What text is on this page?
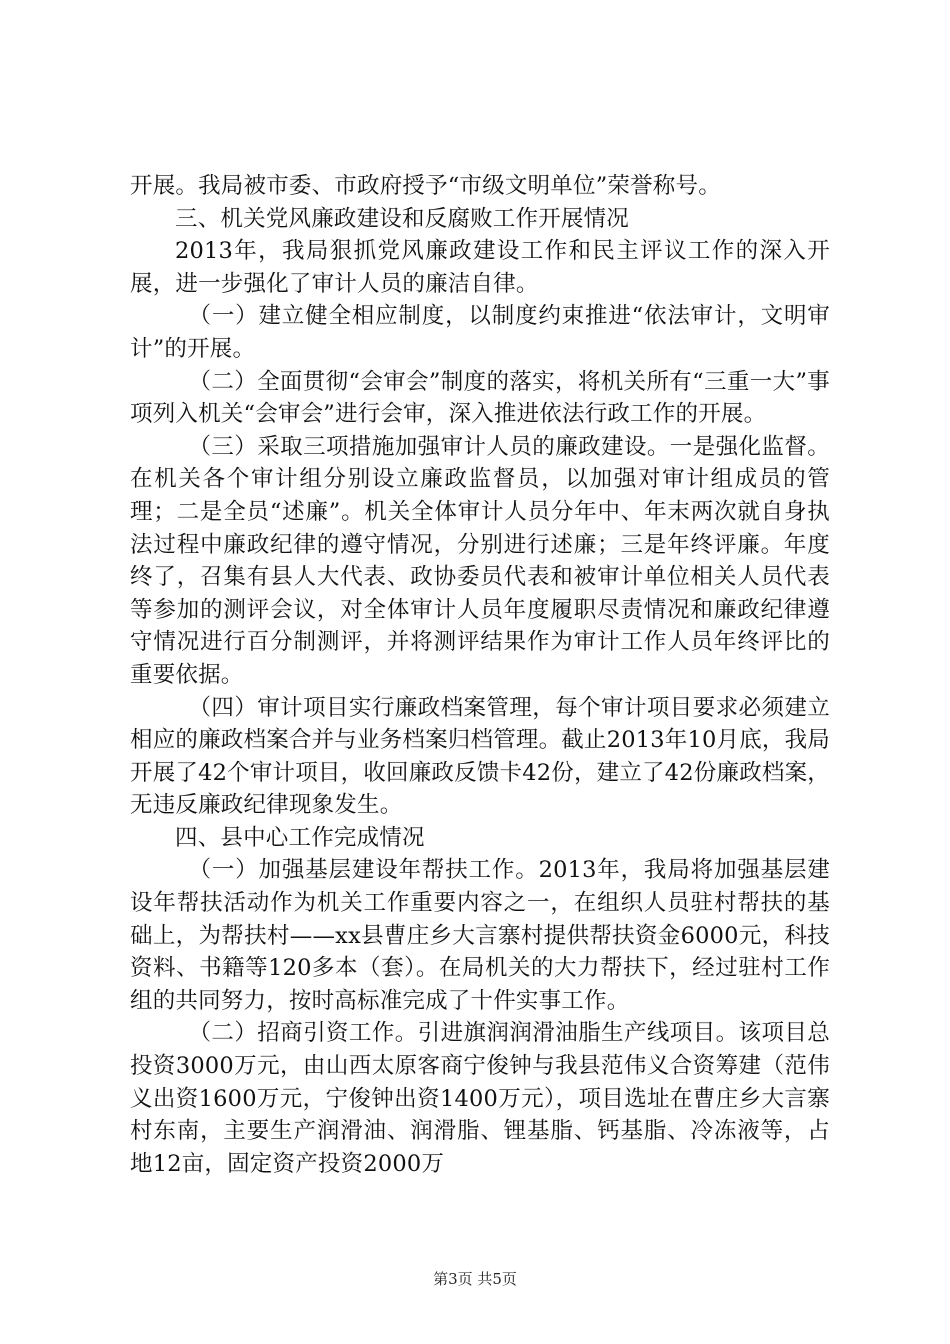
开展。我局被市委、市政府授予“市级文明单位”荣誉称号。

三、机关党风廉政建设和反腐败工作开展情况

2013年，我局狠抓党风廉政建设工作和民主评议工作的深入开展，进一步强化了审计人员的廉洁自律。

（一）建立健全相应制度，以制度约束推进“依法审计，文明审计”的开展。

（二）全面贯彻“会审会”制度的落实，将机关所有“三重一大”事项列入机关“会审会”进行会审，深入推进依法行政工作的开展。

（三）采取三项措施加强审计人员的廉政建设。一是强化监督。在机关各个审计组分别设立廉政监督员，以加强对审计组成员的管理；二是全员“述廉”。机关全体审计人员分年中、年末两次就自身执法过程中廉政纪律的遵守情况，分别进行述廉；三是年终评廉。年度终了，召集有县人大代表、政协委员代表和被审计单位相关人员代表等参加的测评会议，对全体审计人员年度履职尽责情况和廉政纪律遵守情况进行百分制测评，并将测评结果作为审计工作人员年终评比的重要依据。

（四）审计项目实行廉政档案管理，每个审计项目要求必须建立相应的廉政档案合并与业务档案归档管理。截止2013年10月底，我局开展了42个审计项目，收回廉政反馈卡42份，建立了42份廉政档案，无违反廉政纪律现象发生。

四、县中心工作完成情况

（一）加强基层建设年帮扶工作。2013年，我局将加强基层建设年帮扶活动作为机关工作重要内容之一，在组织人员驻村帮扶的基础上，为帮扶村——xx县曹庄乡大言寨村提供帮扶资金6000元，科技资料、书籍等120多本（套）。在局机关的大力帮扶下，经过驻村工作组的共同努力，按时高标准完成了十件实事工作。

（二）招商引资工作。引进旗润润滑油脂生产线项目。该项目总投资3000万元，由山西太原客商宁俊钟与我县范伟义合资筹建（范伟义出资1600万元，宁俊钟出资1400万元），项目选址在曹庄乡大言寨村东南，主要生产润滑油、润滑脂、锂基脂、钙基脂、冷冻液等，占地12亩，固定资产投资2000万

第3页 共5页
